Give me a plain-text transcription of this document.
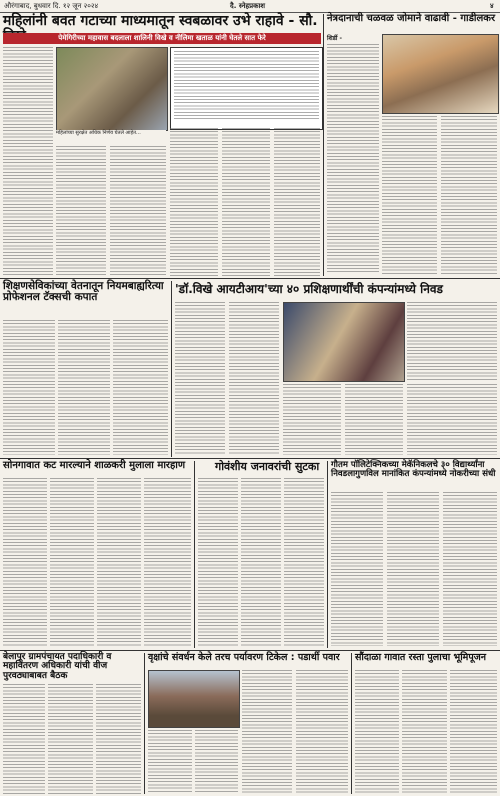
औरंगाबाद, बुधवार दि. १२ जून २०२४	दै. स्नेहप्रकाश	४
महिलांनी बवत गटाच्या माध्यमातून स्वबळावर उभे राहावे - सौ.
पेमेगिरीच्या महावास बदलाला शालिनी विखे व नीलिमा खताळ यांनी घेतले सात फेरे
महिलांच्या सुरक्षेत अधिक निर्णय घेतले आहेत...
नेत्रदानाची चळवळ जोमाने वाढावी - गाडीलकर
शिर्डी -
शिक्षणसेविकांच्या वेतनातून नियमबाह्यरित्या प्रोफेशनल टॅक्सची कपात
'डॉ.विखे आयटीआय'च्या ४० प्रशिक्षणार्थींची कंपन्यांमध्ये निवड
सोनगावात कट मारल्याने शाळकरी मुलाला मारहाण	गोवंशीय जनावरांची सुटका	गौतम पॉलिटेक्निकच्या मेकॅनिकलचे ३० विद्यार्थ्यांना निवडलागुणविल मानांकित कंपन्यांमध्ये नोकरीच्या संधी
बेलापूर ग्रामपंचायत पदाधिकारी व महावितरण अधिकारी यांची वीज पुरवठ्याबाबत बैठक
वृक्षांचे संवर्धन केले तरच पर्यावरण टिकेल : पडार्थी पवार	सौंदाळा गावात रस्ता पुलाचा भूमिपूजन
